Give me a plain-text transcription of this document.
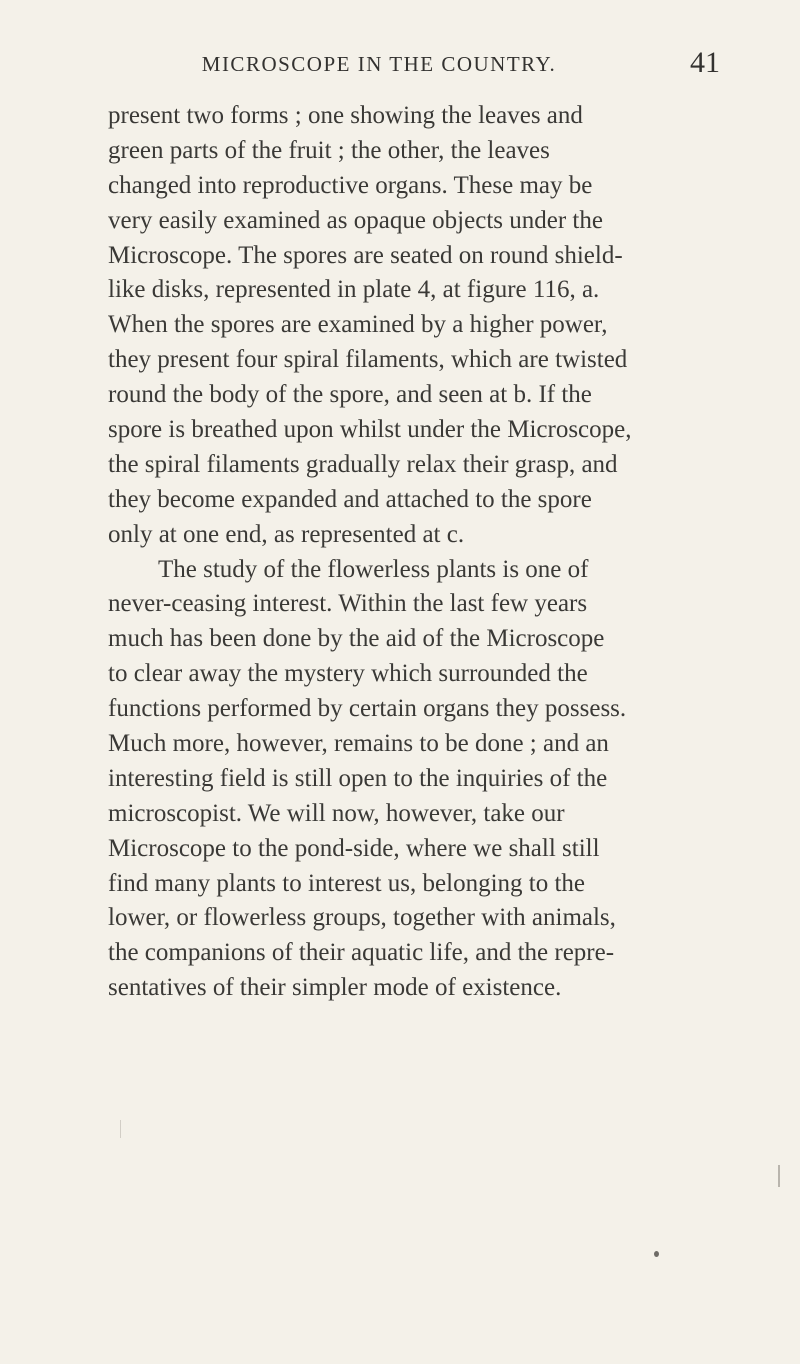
MICROSCOPE IN THE COUNTRY.	41
present two forms ; one showing the leaves and
green parts of the fruit ; the other, the leaves
changed into reproductive organs. These may be
very easily examined as opaque objects under the
Microscope. The spores are seated on round shield-
like disks, represented in plate 4, at figure 116, a.
When the spores are examined by a higher power,
they present four spiral filaments, which are twisted
round the body of the spore, and seen at b. If the
spore is breathed upon whilst under the Microscope,
the spiral filaments gradually relax their grasp, and
they become expanded and attached to the spore
only at one end, as represented at c.
The study of the flowerless plants is one of
never-ceasing interest. Within the last few years
much has been done by the aid of the Microscope
to clear away the mystery which surrounded the
functions performed by certain organs they possess.
Much more, however, remains to be done ; and an
interesting field is still open to the inquiries of the
microscopist. We will now, however, take our
Microscope to the pond-side, where we shall still
find many plants to interest us, belonging to the
lower, or flowerless groups, together with animals,
the companions of their aquatic life, and the repre-
sentatives of their simpler mode of existence.
